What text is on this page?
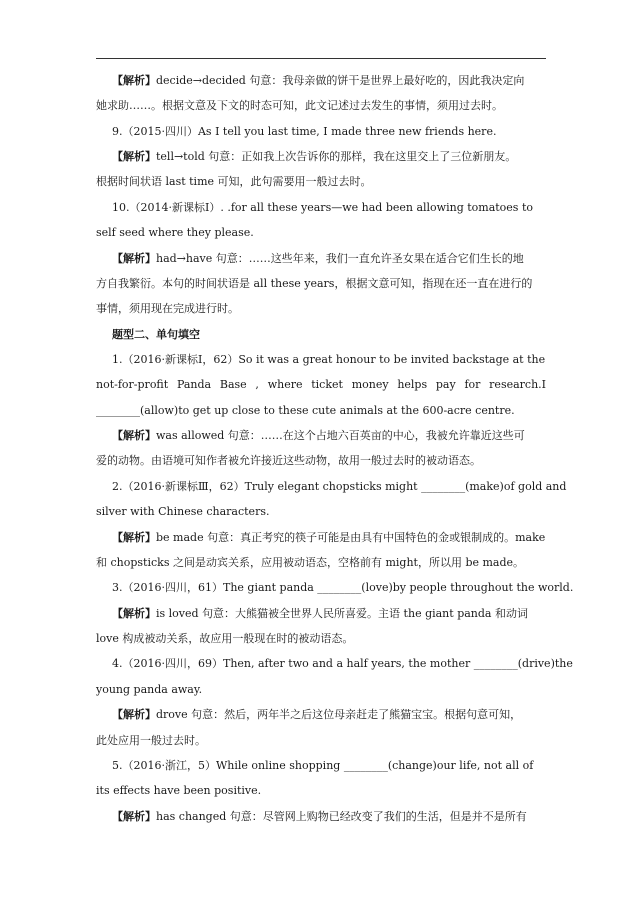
【解析】decide→decided 句意：我母亲做的饼干是世界上最好吃的，因此我决定向
她求助……。根据文意及下文的时态可知，此文记述过去发生的事情，须用过去时。
9.（2015·四川）As I tell you last time, I made three new friends here.
【解析】tell→told 句意：正如我上次告诉你的那样，我在这里交上了三位新朋友。
根据时间状语 last time 可知，此句需要用一般过去时。
10.（2014·新课标Ⅰ）. .for all these years—we had been allowing tomatoes to
self seed where they please.
【解析】had→have 句意：……这些年来，我们一直允许圣女果在适合它们生长的地
方自我繁衍。本句的时间状语是 all these years，根据文意可知，指现在还一直在进行的
事情，须用现在完成进行时。
题型二、单句填空
1.（2016·新课标Ⅰ，62）So it was a great honour to be invited backstage at the
not-for-profit Panda Base , where ticket money helps pay for research.I
________(allow)to get up close to these cute animals at the 600-acre centre.
【解析】was allowed 句意：……在这个占地六百英亩的中心，我被允许靠近这些可
爱的动物。由语境可知作者被允许接近这些动物，故用一般过去时的被动语态。
2.（2016·新课标Ⅲ，62）Truly elegant chopsticks might ________(make)of gold and
silver with Chinese characters.
【解析】be made 句意：真正考究的筷子可能是由具有中国特色的金或银制成的。make
和 chopsticks 之间是动宾关系，应用被动语态，空格前有 might，所以用 be made。
3.（2016·四川，61）The giant panda ________(love)by people throughout the world.
【解析】is loved 句意：大熊猫被全世界人民所喜爱。主语 the giant panda 和动词
love 构成被动关系，故应用一般现在时的被动语态。
4.（2016·四川，69）Then, after two and a half years, the mother ________(drive)the
young panda away.
【解析】drove 句意：然后，两年半之后这位母亲赶走了熊猫宝宝。根据句意可知，
此处应用一般过去时。
5.（2016·浙江，5）While online shopping ________(change)our life, not all of
its effects have been positive.
【解析】has changed 句意：尽管网上购物已经改变了我们的生活，但是并不是所有
